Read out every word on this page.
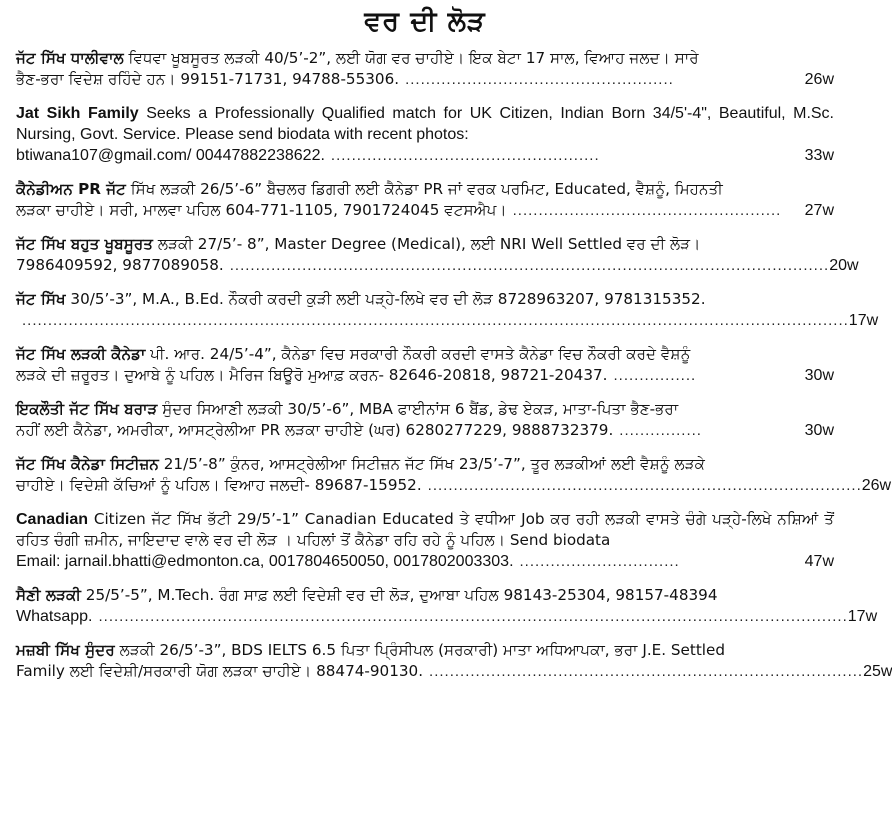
ਵਰ ਦੀ ਲੋੜ
ਜੱਟ ਸਿੱਖ ਧਾਲੀਵਾਲ ਵਿਧਵਾ ਖੂਬਸੂਰਤ ਲੜਕੀ 40/5’-2”, ਲਈ ਯੋਗ ਵਰ ਚਾਹੀਏ। ਇਕ ਬੇਟਾ 17 ਸਾਲ, ਵਿਆਹ ਜਲਦ। ਸਾਰੇ
ਭੈਣ-ਭਰਾ ਵਿਦੇਸ਼ ਰਹਿੰਦੇ ਹਨ। 99151-71731, 94788-55306. ....................................................	26w
Jat Sikh Family Seeks a Professionally Qualified match for UK Citizen, Indian Born 34/5'-4", Beautiful, M.Sc. Nursing, Govt. Service. Please send biodata with recent photos:
btiwana107@gmail.com/ 00447882238622. ....................................................	33w
ਕੈਨੇਡੀਅਨ PR ਜੱਟ ਸਿੱਖ ਲੜਕੀ 26/5’-6” ਬੈਚਲਰ ਡਿਗਰੀ ਲਈ ਕੈਨੇਡਾ PR ਜਾਂ ਵਰਕ ਪਰਮਿਟ, Educated, ਵੈਸ਼ਨੂੰ, ਮਿਹਨਤੀ
ਲੜਕਾ ਚਾਹੀਏ। ਸਰੀ, ਮਾਲਵਾ ਪਹਿਲ 604-771-1105, 7901724045 ਵਟਸਐਪ। ....................................................	27w
ਜੱਟ ਸਿੱਖ ਬਹੁਤ ਖੂਬਸੂਰਤ ਲੜਕੀ 27/5’- 8”, Master Degree (Medical), ਲਈ NRI Well Settled ਵਰ ਦੀ ਲੋੜ।
7986409592, 9877089058. .................................................................................................................... 20w
ਜੱਟ ਸਿੱਖ 30/5’-3”, M.A., B.Ed. ਨੌਕਰੀ ਕਰਦੀ ਕੁੜੀ ਲਈ ਪੜ੍ਹੇ-ਲਿਖੇ ਵਰ ਦੀ ਲੋੜ 8728963207, 9781315352.
................................................................................................................................................................ 17w
ਜੱਟ ਸਿੱਖ ਲੜਕੀ ਕੈਨੇਡਾ ਪੀ. ਆਰ. 24/5’-4”, ਕੈਨੇਡਾ ਵਿਚ ਸਰਕਾਰੀ ਨੌਕਰੀ ਕਰਦੀ ਵਾਸਤੇ ਕੈਨੇਡਾ ਵਿਚ ਨੌਕਰੀ ਕਰਦੇ ਵੈਸ਼ਨੂੰ
ਲੜਕੇ ਦੀ ਜ਼ਰੂਰਤ। ਦੁਆਬੇ ਨੂੰ ਪਹਿਲ। ਮੈਰਿਜ ਬਿਊਰੋ ਮੁਆਫ਼ ਕਰਨ- 82646-20818, 98721-20437. ................	30w
ਇਕਲੌਤੀ ਜੱਟ ਸਿੱਖ ਬਰਾੜ ਸੁੰਦਰ ਸਿਆਣੀ ਲੜਕੀ 30/5’-6”, MBA ਫਾਈਨਾਂਸ 6 ਬੈਂਡ, ਡੇਢ ਏਕੜ, ਮਾਤਾ-ਪਿਤਾ ਭੈਣ-ਭਰਾ
ਨਹੀਂ ਲਈ ਕੈਨੇਡਾ, ਅਮਰੀਕਾ, ਆਸਟ੍ਰੇਲੀਆ PR ਲੜਕਾ ਚਾਹੀਏ (ਘਰ) 6280277229, 9888732379. ................	30w
ਜੱਟ ਸਿੱਖ ਕੈਨੇਡਾ ਸਿਟੀਜ਼ਨ 21/5’-8” ਕੁੰਨਰ, ਆਸਟ੍ਰੇਲੀਆ ਸਿਟੀਜ਼ਨ ਜੱਟ ਸਿੱਖ 23/5’-7”, ਤੂਰ ਲੜਕੀਆਂ ਲਈ ਵੈਸ਼ਨੂੰ ਲੜਕੇ
ਚਾਹੀਏ। ਵਿਦੇਸ਼ੀ ਕੱਚਿਆਂ ਨੂੰ ਪਹਿਲ। ਵਿਆਹ ਜਲਦੀ- 89687-15952. .................................................................................... 26w
Canadian Citizen ਜੱਟ ਸਿੱਖ ਭੱਟੀ 29/5’-1” Canadian Educated ਤੇ ਵਧੀਆ Job ਕਰ ਰਹੀ ਲੜਕੀ ਵਾਸਤੇ ਚੰਗੇ ਪੜ੍ਹੇ-ਲਿਖੇ ਨਸ਼ਿਆਂ ਤੋਂ ਰਹਿਤ ਚੰਗੀ ਜ਼ਮੀਨ, ਜਾਇਦਾਦ ਵਾਲੇ ਵਰ ਦੀ ਲੋੜ । ਪਹਿਲਾਂ ਤੋਂ ਕੈਨੇਡਾ ਰਹਿ ਰਹੇ ਨੂੰ ਪਹਿਲ। Send biodata
Email: jarnail.bhatti@edmonton.ca, 0017804650050, 0017802003303. ...............................	47w
ਸੈਣੀ ਲੜਕੀ 25/5’-5”, M.Tech. ਰੰਗ ਸਾਫ਼ ਲਈ ਵਿਦੇਸ਼ੀ ਵਰ ਦੀ ਲੋੜ, ਦੁਆਬਾ ਪਹਿਲ 98143-25304, 98157-48394
Whatsapp. ................................................................................................................................................. 17w
ਮਜ਼ਬੀ ਸਿੱਖ ਸੁੰਦਰ ਲੜਕੀ 26/5’-3”, BDS IELTS 6.5 ਪਿਤਾ ਪ੍ਰਿੰਸੀਪਲ (ਸਰਕਾਰੀ) ਮਾਤਾ ਅਧਿਆਪਕਾ, ਭਰਾ J.E. Settled
Family ਲਈ ਵਿਦੇਸ਼ੀ/ਸਰਕਾਰੀ ਯੋਗ ਲੜਕਾ ਚਾਹੀਏ। 88474-90130. .................................................................................... 25w
